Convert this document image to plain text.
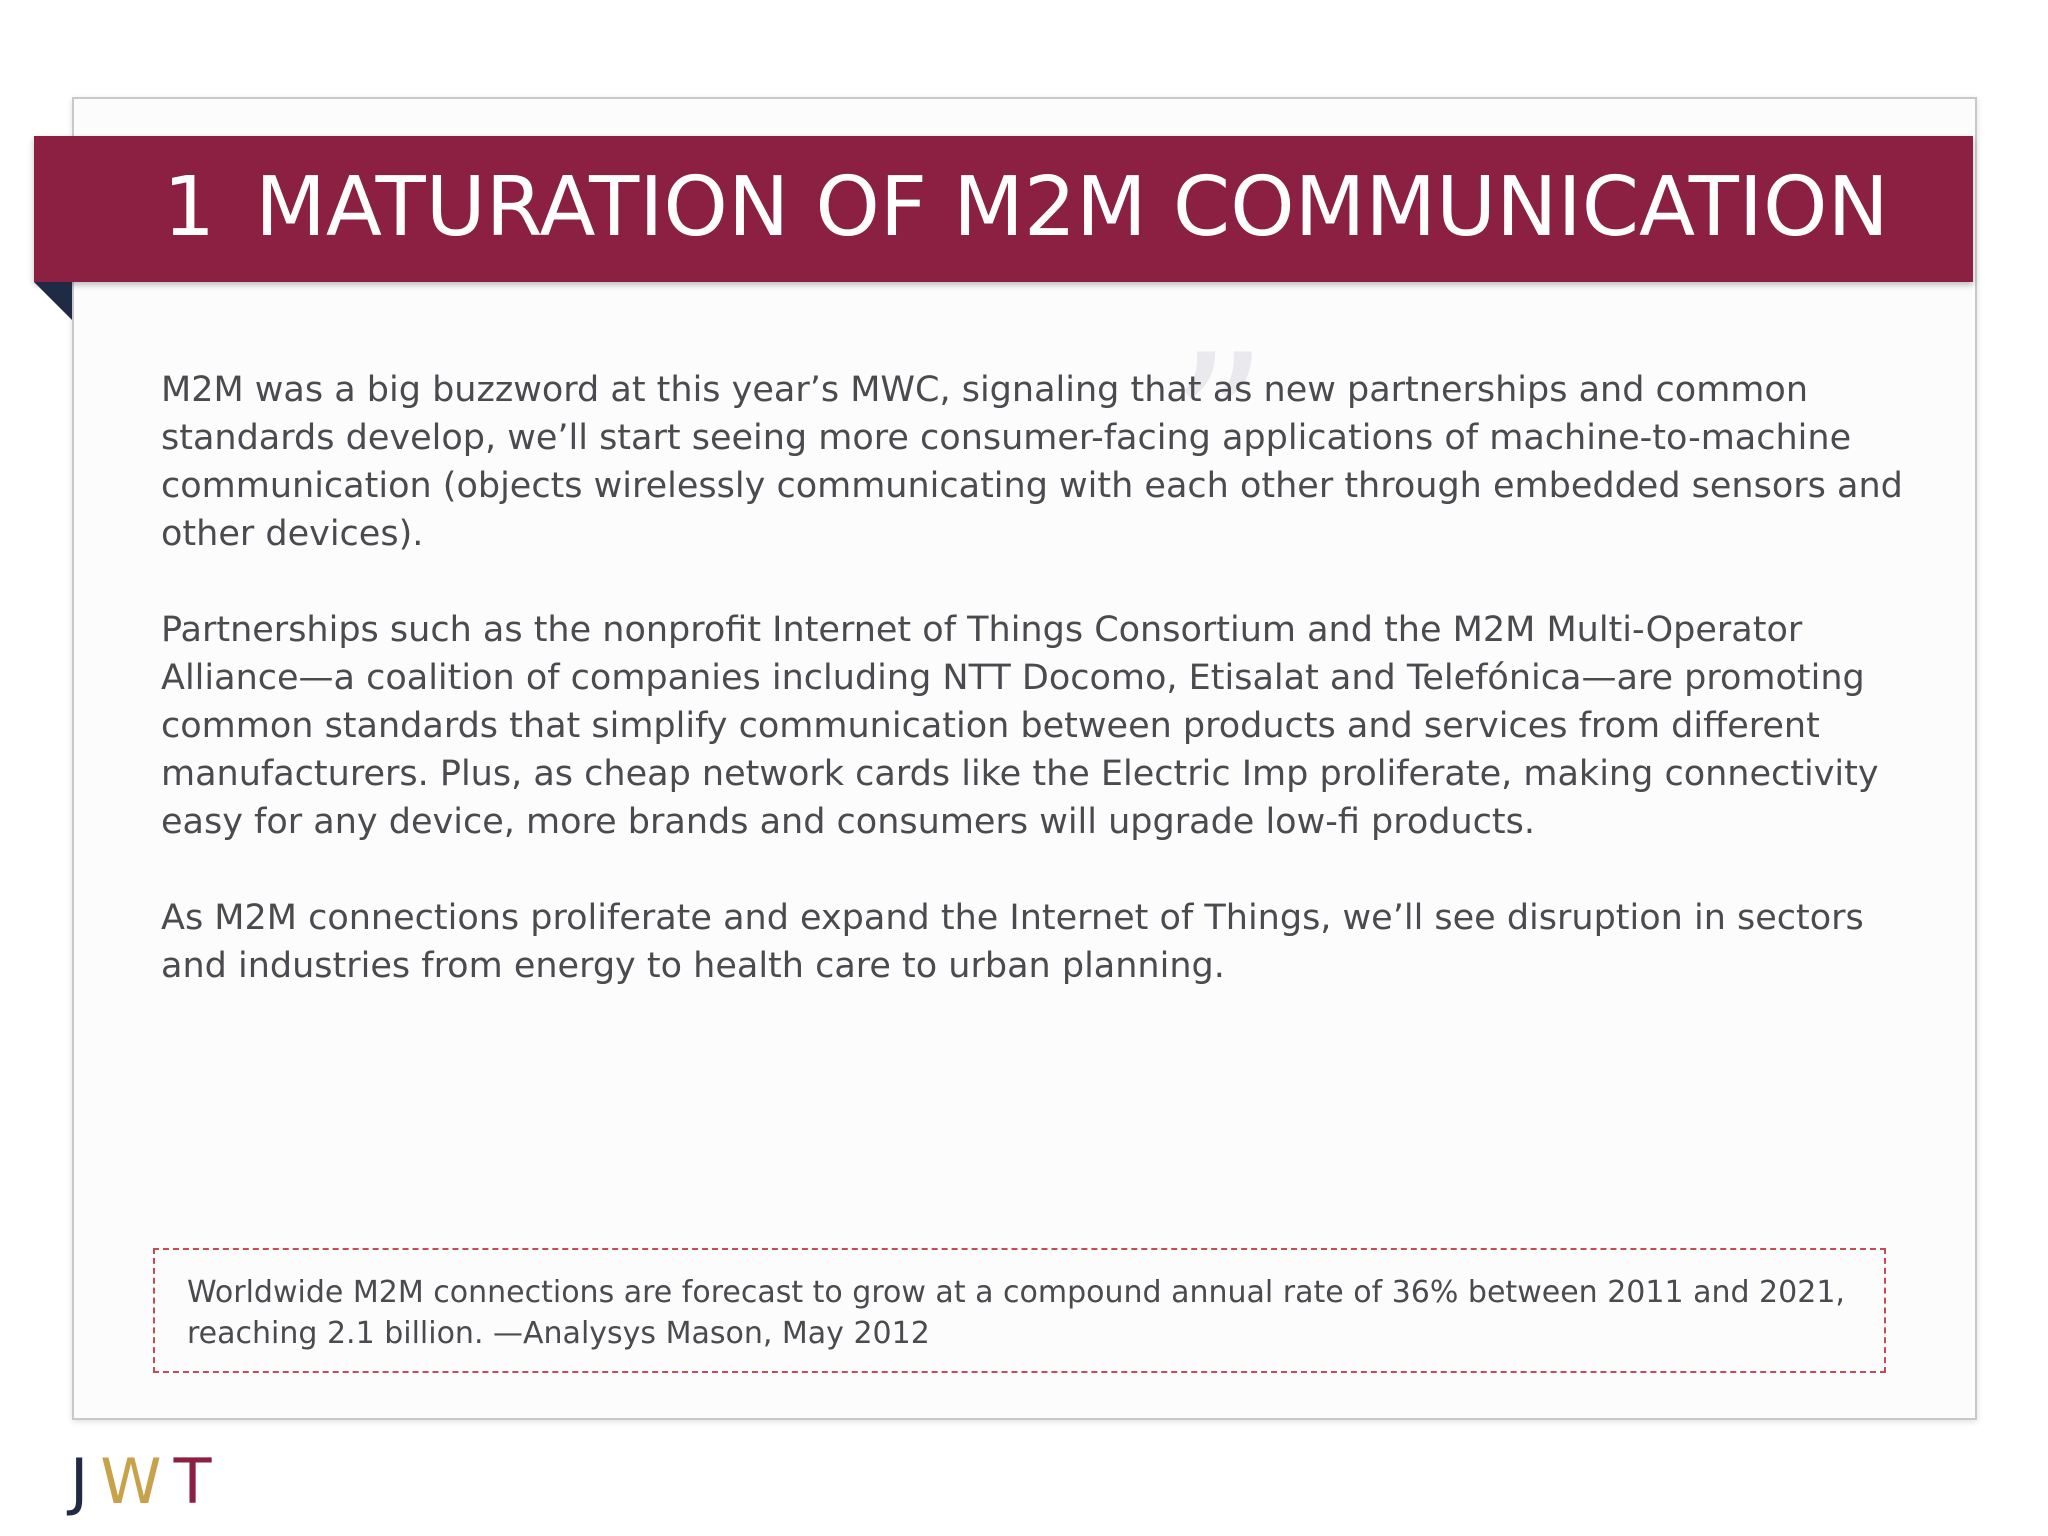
1 MATURATION OF M2M COMMUNICATION
”

M2M was a big buzzword at this year’s MWC, signaling that as new partnerships and common standards develop, we’ll start seeing more consumer-facing applications of machine-to-machine communication (objects wirelessly communicating with each other through embedded sensors and other devices).

Partnerships such as the nonprofit Internet of Things Consortium and the M2M Multi-Operator Alliance—a coalition of companies including NTT Docomo, Etisalat and Telefónica—are promoting common standards that simplify communication between products and services from different manufacturers. Plus, as cheap network cards like the Electric Imp proliferate, making connectivity easy for any device, more brands and consumers will upgrade low-fi products.

As M2M connections proliferate and expand the Internet of Things, we’ll see disruption in sectors and industries from energy to health care to urban planning.

Worldwide M2M connections are forecast to grow at a compound annual rate of 36% between 2011 and 2021, reaching 2.1 billion. —Analysys Mason, May 2012
J W T
